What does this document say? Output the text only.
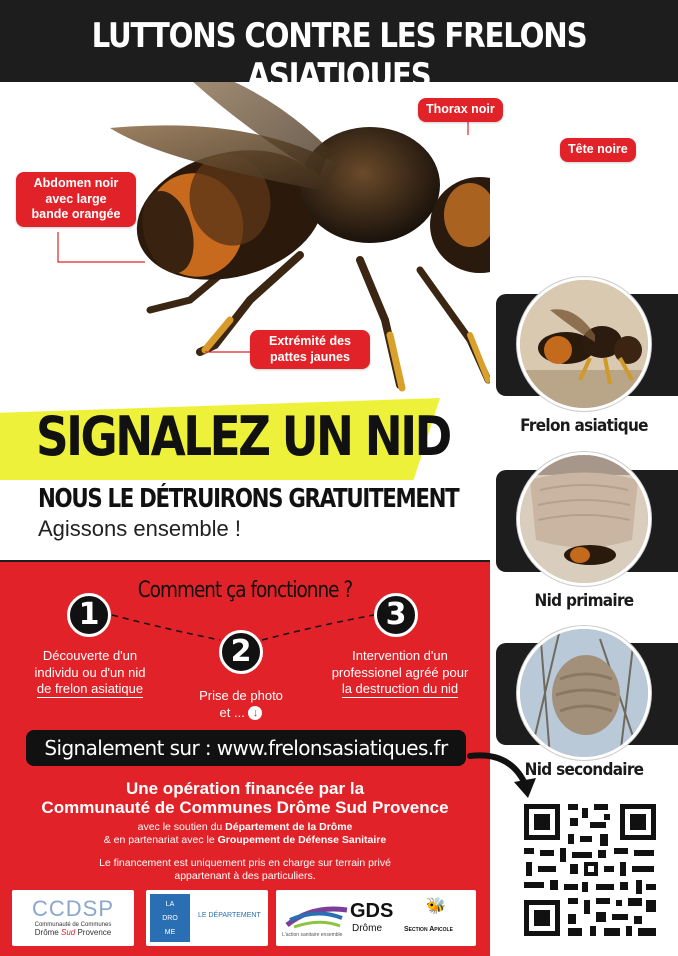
LUTTONS CONTRE LES FRELONS ASIATIQUES
Thorax noir
Tête noire
Abdomen noir
avec large
bande orangée
Extrémité des
pattes jaunes
Frelon asiatique
Nid primaire
Nid secondaire
SIGNALEZ UN NID
NOUS LE DÉTRUIRONS GRATUITEMENT
Agissons ensemble !
Comment ça fonctionne ?
1
2
3
Découverte d'un
individu ou d'un nid
de frelon asiatique	Prise de photo
et ... ↓
Intervention d'un
professionel agréé pour
la destruction du nid
Signalement sur : www.frelonsasiatiques.fr
Une opération financée par la
Communauté de Communes Drôme Sud Provence
avec le soutien du Département de la Drôme
& en partenariat avec le Groupement de Défense Sanitaire
Le financement est uniquement pris en charge sur terrain privé
appartenant à des particuliers.
CCDSP
Communauté de Communes
Drôme Sud Provence
LA
DRO
ME
LE DÉPARTEMENT
L'action sanitaire ensemble
GDS
Drôme
🐝
Section Apicole
